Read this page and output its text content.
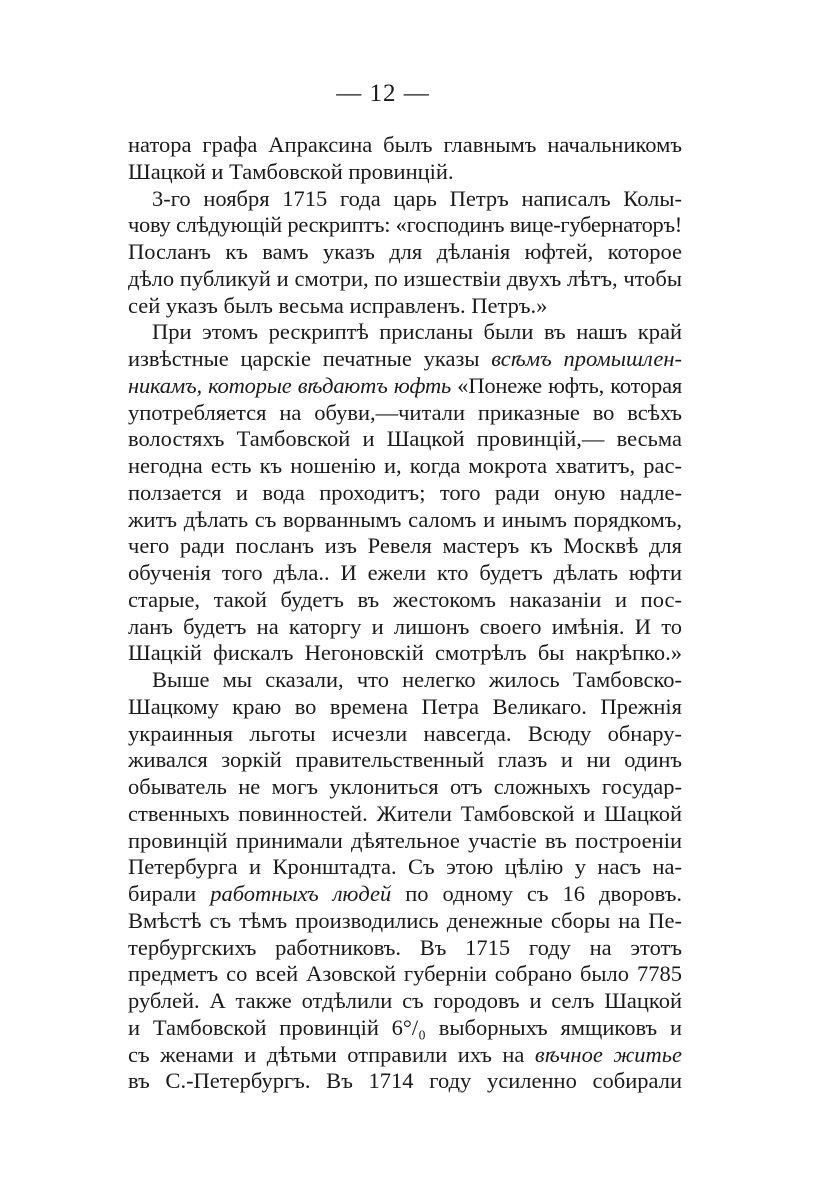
— 12 —
натора графа Апраксина былъ главнымъ начальникомъ
Шацкой и Тамбовской провинцій.
3-го ноября 1715 года царь Петръ написалъ Колы-
чову слѣдующій рескриптъ: «господинъ вице-губернаторъ!
Посланъ къ вамъ указъ для дѣланія юфтей, которое
дѣло публикуй и смотри, по изшествіи двухъ лѣтъ, чтобы
сей указъ былъ весьма исправленъ. Петръ.»
При этомъ рескриптѣ присланы были въ нашъ край
извѣстные царскіе печатные указы всѣмъ промышлен-
никамъ, которые вѣдаютъ юфть «Понеже юфть, которая
употребляется на обуви,—читали приказные во всѣхъ
волостяхъ Тамбовской и Шацкой провинцій,— весьма
негодна есть къ ношенію и, когда мокрота хватитъ, рас-
ползается и вода проходитъ; того ради оную надле-
житъ дѣлать съ ворваннымъ саломъ и инымъ порядкомъ,
чего ради посланъ изъ Ревеля мастеръ къ Москвѣ для
обученія того дѣла.. И ежели кто будетъ дѣлать юфти
старые, такой будетъ въ жестокомъ наказаніи и пос-
ланъ будетъ на каторгу и лишонъ своего имѣнія. И то
Шацкій фискалъ Негоновскій смотрѣлъ бы накрѣпко.»
Выше мы сказали, что нелегко жилось Тамбовско-
Шацкому краю во времена Петра Великаго. Прежнія
украинныя льготы исчезли навсегда. Всюду обнару-
живался зоркій правительственный глазъ и ни одинъ
обыватель не могъ уклониться отъ сложныхъ государ-
ственныхъ повинностей. Жители Тамбовской и Шацкой
провинцій принимали дѣятельное участіе въ построеніи
Петербурга и Кронштадта. Съ этою цѣлію у насъ на-
бирали работныхъ людей по одному съ 16 дворовъ.
Вмѣстѣ съ тѣмъ производились денежные сборы на Пе-
тербургскихъ работниковъ. Въ 1715 году на этотъ
предметъ со всей Азовской губерніи собрано было 7785
рублей. А также отдѣлили съ городовъ и селъ Шацкой
и Тамбовской провинцій 6°/₀ выборныхъ ямщиковъ и
съ женами и дѣтьми отправили ихъ на вѣчное житье
въ С.-Петербургъ. Въ 1714 году усиленно собирали
